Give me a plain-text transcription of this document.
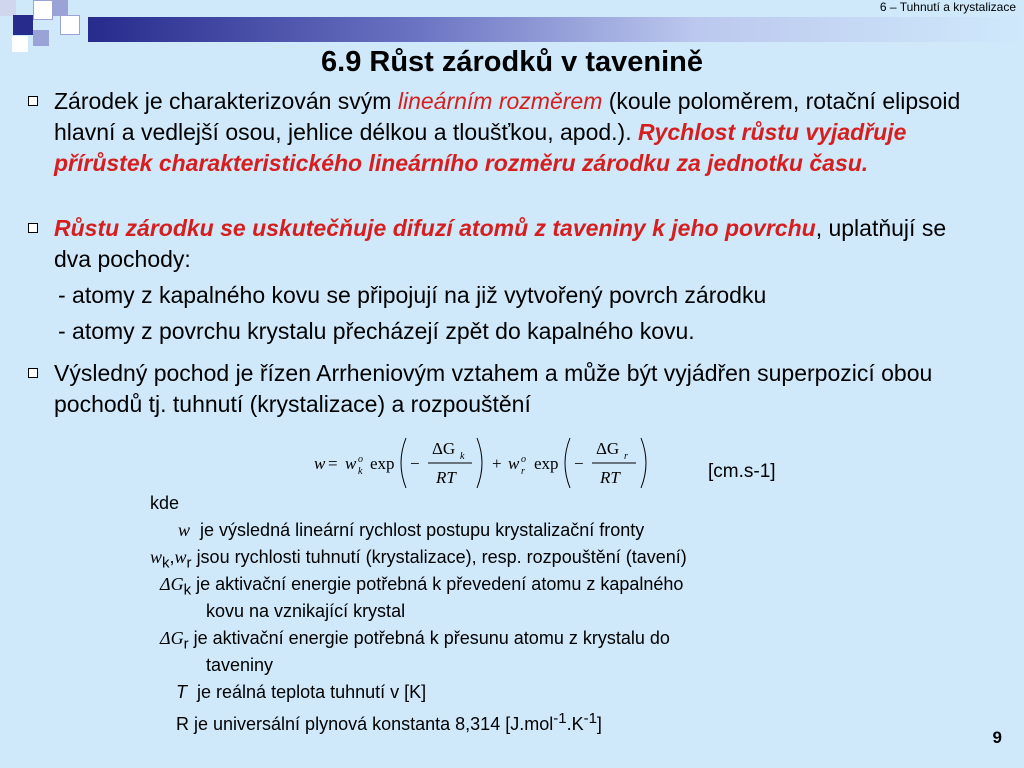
6 – Tuhnutí a krystalizace
6.9 Růst zárodků v tavenině
Zárodek je charakterizován svým lineárním rozměrem (koule poloměrem, rotační elipsoid hlavní a vedlejší osou, jehlice délkou a tloušťkou, apod.). Rychlost růstu vyjadřuje přírůstek charakteristického lineárního rozměru zárodku za jednotku času.
Růstu zárodku se uskutečňuje difuzí atomů z taveniny k jeho povrchu, uplatňují se dva pochody:
- atomy z kapalného kovu se připojují na již vytvořený povrch zárodku
- atomy z povrchu krystalu přecházejí zpět do kapalného kovu.
Výsledný pochod je řízen Arrheniovým vztahem a může být vyjádřen superpozicí obou pochodů tj. tuhnutí (krystalizace) a rozpouštění
w = w o
k exp −
ΔG k
RT
+ w o
r exp −
ΔG r
RT	[cm.s-1]
kde
w je výsledná lineární rychlost postupu krystalizační fronty
$w_k,w_r$ jsou rychlosti tuhnutí (krystalizace), resp. rozpouštění (tavení)
$\Delta G_k$ je aktivační energie potřebná k převedení atomu z kapalného
kovu na vznikající krystal
$\Delta G_r$ je aktivační energie potřebná k přesunu atomu z krystalu do
taveniny
T je reálná teplota tuhnutí v [K]
R je universální plynová konstanta 8,314 $[J.mol^{-1}.K^{-1}]$
9
